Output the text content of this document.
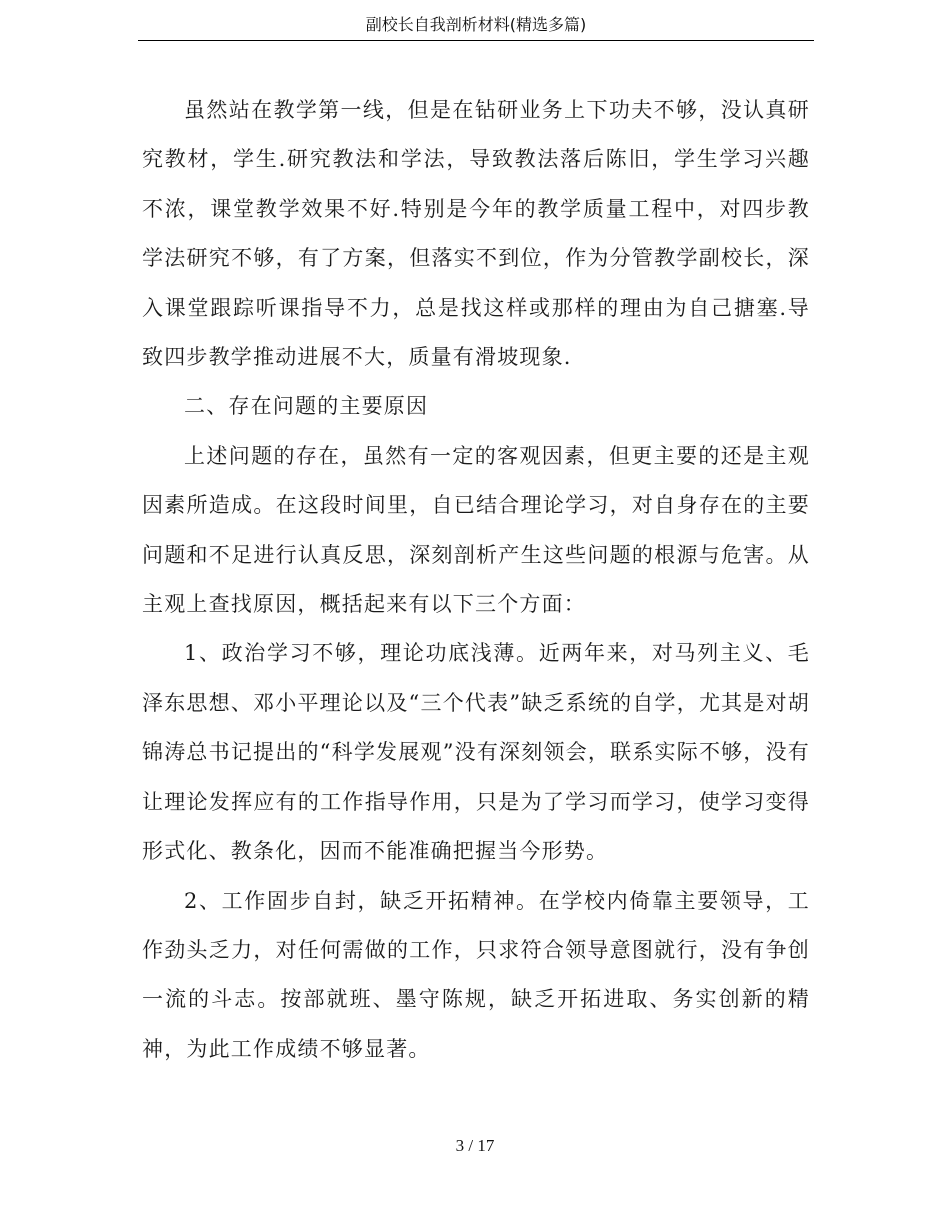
副校长自我剖析材料(精选多篇)

虽然站在教学第一线，但是在钻研业务上下功夫不够，没认真研究教材，学生.研究教法和学法，导致教法落后陈旧，学生学习兴趣不浓，课堂教学效果不好.特别是今年的教学质量工程中，对四步教学法研究不够，有了方案，但落实不到位，作为分管教学副校长，深入课堂跟踪听课指导不力，总是找这样或那样的理由为自己搪塞.导致四步教学推动进展不大，质量有滑坡现象.

二、存在问题的主要原因

上述问题的存在，虽然有一定的客观因素，但更主要的还是主观因素所造成。在这段时间里，自已结合理论学习，对自身存在的主要问题和不足进行认真反思，深刻剖析产生这些问题的根源与危害。从主观上查找原因，概括起来有以下三个方面：

1、政治学习不够，理论功底浅薄。近两年来，对马列主义、毛泽东思想、邓小平理论以及“三个代表”缺乏系统的自学，尤其是对胡锦涛总书记提出的“科学发展观”没有深刻领会，联系实际不够，没有让理论发挥应有的工作指导作用，只是为了学习而学习，使学习变得形式化、教条化，因而不能准确把握当今形势。

2、工作固步自封，缺乏开拓精神。在学校内倚靠主要领导，工作劲头乏力，对任何需做的工作，只求符合领导意图就行，没有争创一流的斗志。按部就班、墨守陈规，缺乏开拓进取、务实创新的精神，为此工作成绩不够显著。

3 / 17
